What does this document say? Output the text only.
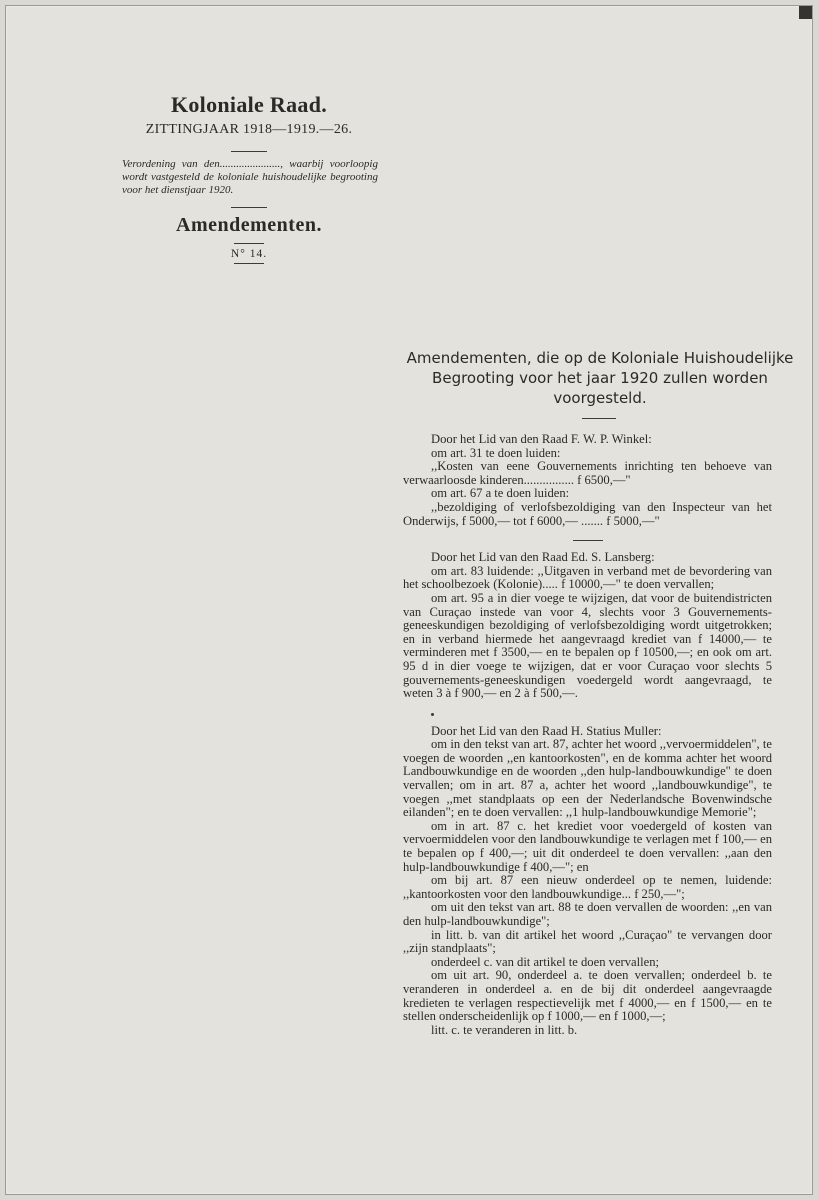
Koloniale Raad.
ZITTINGJAAR 1918—1919.—26.
Verordening van den......................, waarbij voorloopig wordt vastgesteld de koloniale huishoudelijke begrooting voor het dienstjaar 1920.
Amendementen.
N° 14.
Amendementen, die op de Koloniale Huishoudelijke
Begrooting voor het jaar 1920 zullen worden
voorgesteld.

Door het Lid van den Raad F. W. P. Winkel:

om art. 31 te doen luiden:

,,Kosten van eene Gouvernements inrichting ten behoeve van verwaarloosde kinderen................ f 6500,—"

om art. 67 a te doen luiden:

,,bezoldiging of verlofsbezoldiging van den Inspecteur van het Onderwijs, f 5000,— tot f 6000,— ....... f 5000,—"

Door het Lid van den Raad Ed. S. Lansberg:

om art. 83 luidende: ,,Uitgaven in verband met de bevordering van het schoolbezoek (Kolonie)..... f 10000,—" te doen vervallen;

om art. 95 a in dier voege te wijzigen, dat voor de buitendistricten van Curaçao instede van voor 4, slechts voor 3 Gouvernements-geneeskundigen bezoldiging of verlofsbezoldiging wordt uitgetrokken; en in verband hiermede het aangevraagd krediet van f 14000,— te verminderen met f 3500,— en te bepalen op f 10500,—; en ook om art. 95 d in dier voege te wijzigen, dat er voor Curaçao voor slechts 5 gouvernements-geneeskundigen voedergeld wordt aangevraagd, te weten 3 à f 900,— en 2 à f 500,—.

Door het Lid van den Raad H. Statius Muller:

om in den tekst van art. 87, achter het woord ,,vervoermiddelen", te voegen de woorden ,,en kantoorkosten", en de komma achter het woord Landbouwkundige en de woorden ,,den hulp-landbouwkundige" te doen vervallen; om in art. 87 a, achter het woord ,,landbouwkundige", te voegen ,,met standplaats op een der Nederlandsche Bovenwindsche eilanden"; en te doen vervallen: ,,1 hulp-landbouwkundige Memorie";

om in art. 87 c. het krediet voor voedergeld of kosten van vervoermiddelen voor den landbouwkundige te verlagen met f 100,— en te bepalen op f 400,—; uit dit onderdeel te doen vervallen: ,,aan den hulp-landbouwkundige f 400,—"; en

om bij art. 87 een nieuw onderdeel op te nemen, luidende: ,,kantoorkosten voor den landbouwkundige... f 250,—";

om uit den tekst van art. 88 te doen vervallen de woorden: ,,en van den hulp-landbouwkundige";

in litt. b. van dit artikel het woord ,,Curaçao" te vervangen door ,,zijn standplaats";

onderdeel c. van dit artikel te doen vervallen;

om uit art. 90, onderdeel a. te doen vervallen; onderdeel b. te veranderen in onderdeel a. en de bij dit onderdeel aangevraagde kredieten te verlagen respectievelijk met f 4000,— en f 1500,— en te stellen onderscheidenlijk op f 1000,— en f 1000,—;

litt. c. te veranderen in litt. b.
